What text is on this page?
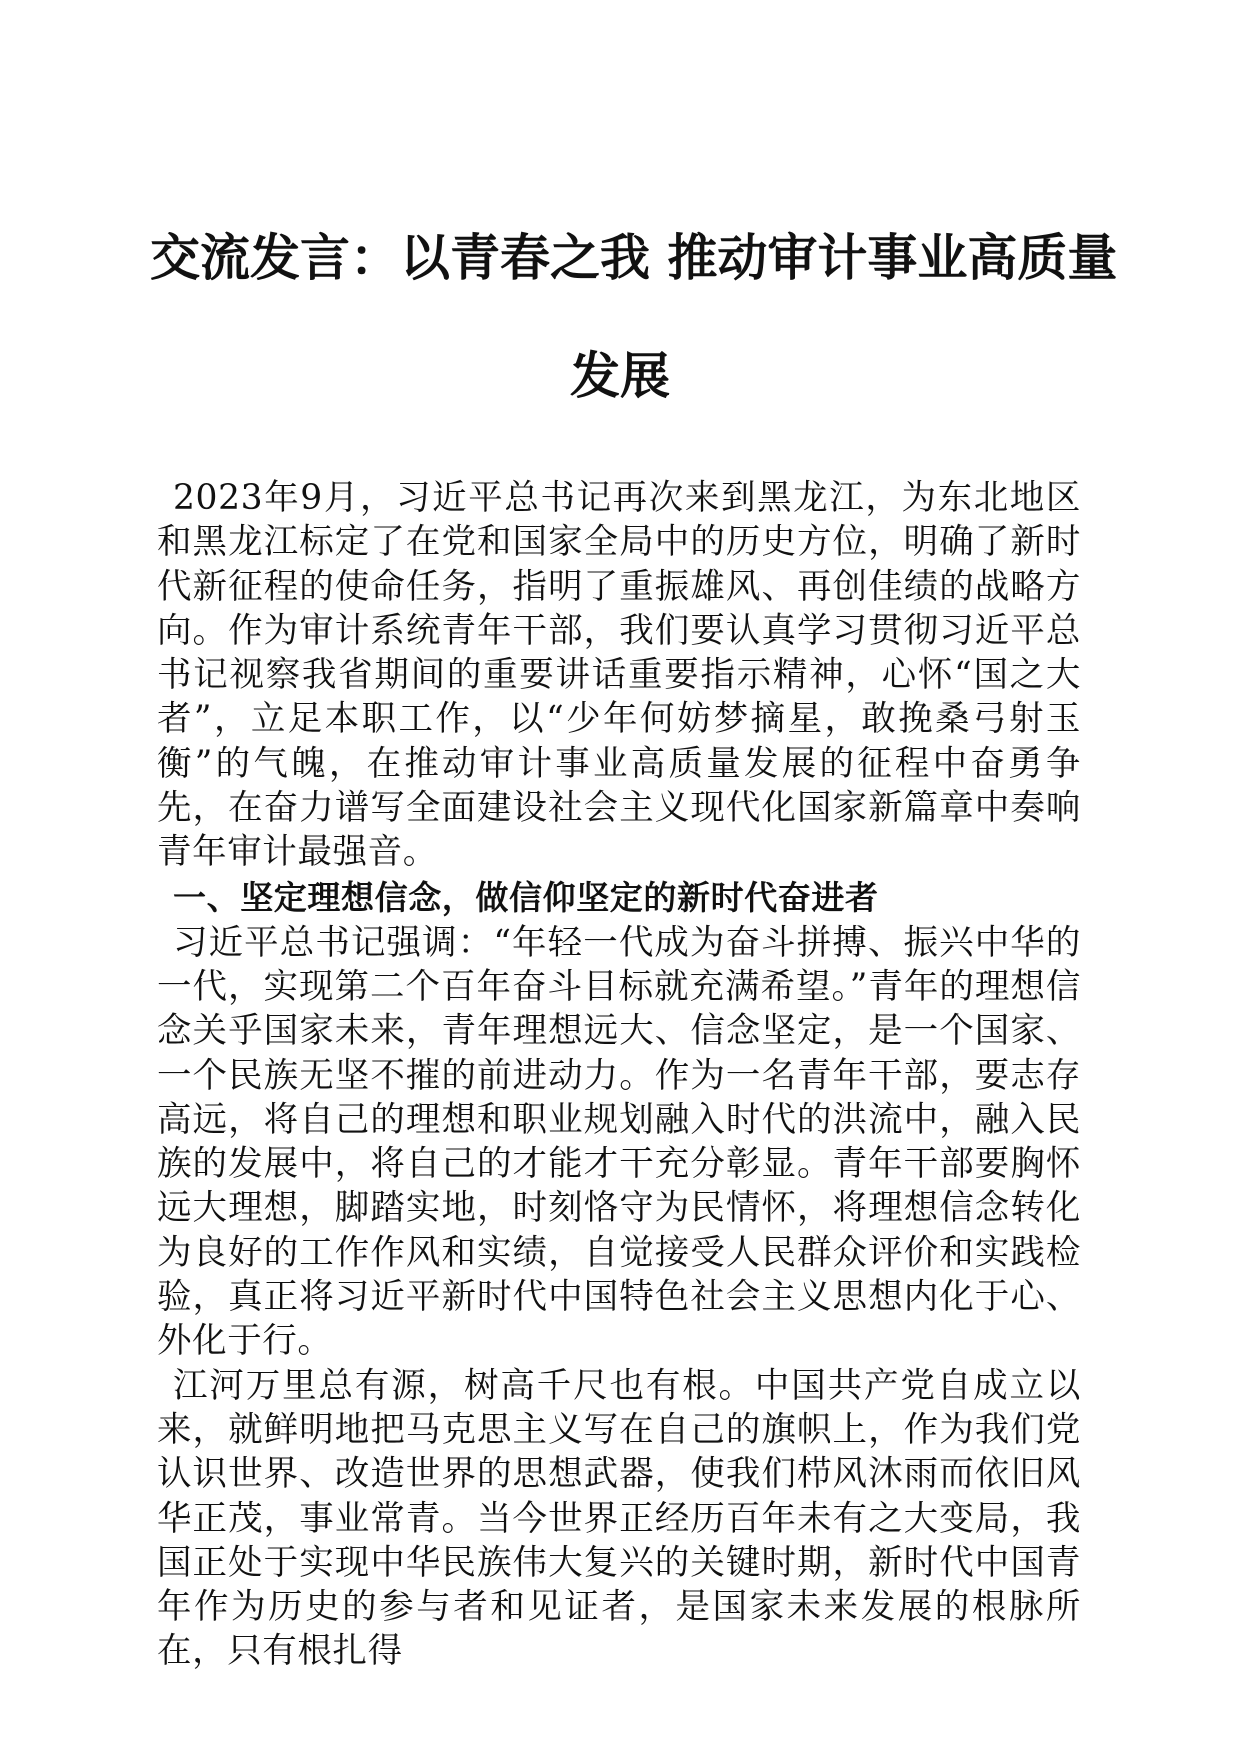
交流发言：以青春之我 推动审计事业高质量
发展

2023年9月，习近平总书记再次来到黑龙江，为东北地区和黑龙江标定了在党和国家全局中的历史方位，明确了新时代新征程的使命任务，指明了重振雄风、再创佳绩的战略方向。作为审计系统青年干部，我们要认真学习贯彻习近平总书记视察我省期间的重要讲话重要指示精神，心怀“国之大者”，立足本职工作，以“少年何妨梦摘星，敢挽桑弓射玉衡”的气魄，在推动审计事业高质量发展的征程中奋勇争先，在奋力谱写全面建设社会主义现代化国家新篇章中奏响青年审计最强音。

一、坚定理想信念，做信仰坚定的新时代奋进者

习近平总书记强调：“年轻一代成为奋斗拼搏、振兴中华的一代，实现第二个百年奋斗目标就充满希望。”青年的理想信念关乎国家未来，青年理想远大、信念坚定，是一个国家、一个民族无坚不摧的前进动力。作为一名青年干部，要志存高远，将自己的理想和职业规划融入时代的洪流中，融入民族的发展中，将自己的才能才干充分彰显。青年干部要胸怀远大理想，脚踏实地，时刻恪守为民情怀，将理想信念转化为良好的工作作风和实绩，自觉接受人民群众评价和实践检验，真正将习近平新时代中国特色社会主义思想内化于心、外化于行。

江河万里总有源，树高千尺也有根。中国共产党自成立以来，就鲜明地把马克思主义写在自己的旗帜上，作为我们党认识世界、改造世界的思想武器，使我们栉风沐雨而依旧风华正茂，事业常青。当今世界正经历百年未有之大变局，我国正处于实现中华民族伟大复兴的关键时期，新时代中国青年作为历史的参与者和见证者，是国家未来发展的根脉所在，只有根扎得
